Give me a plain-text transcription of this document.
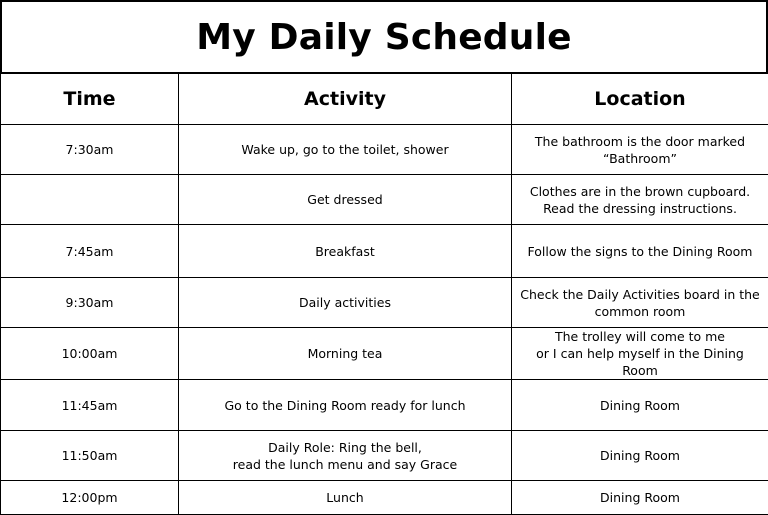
My Daily Schedule
Time	Activity	Location
7:30am	Wake up, go to the toilet, shower	The bathroom is the door marked
“Bathroom”

	Get dressed	Clothes are in the brown cupboard.
Read the dressing instructions.

7:45am	Breakfast	Follow the signs to the Dining Room

9:30am	Daily activities	Check the Daily Activities board in the
common room

10:00am	Morning tea	The trolley will come to me
or I can help myself in the Dining Room

11:45am	Go to the Dining Room ready for lunch	Dining Room

11:50am	Daily Role: Ring the bell,
read the lunch menu and say Grace	Dining Room

12:00pm	Lunch	Dining Room
